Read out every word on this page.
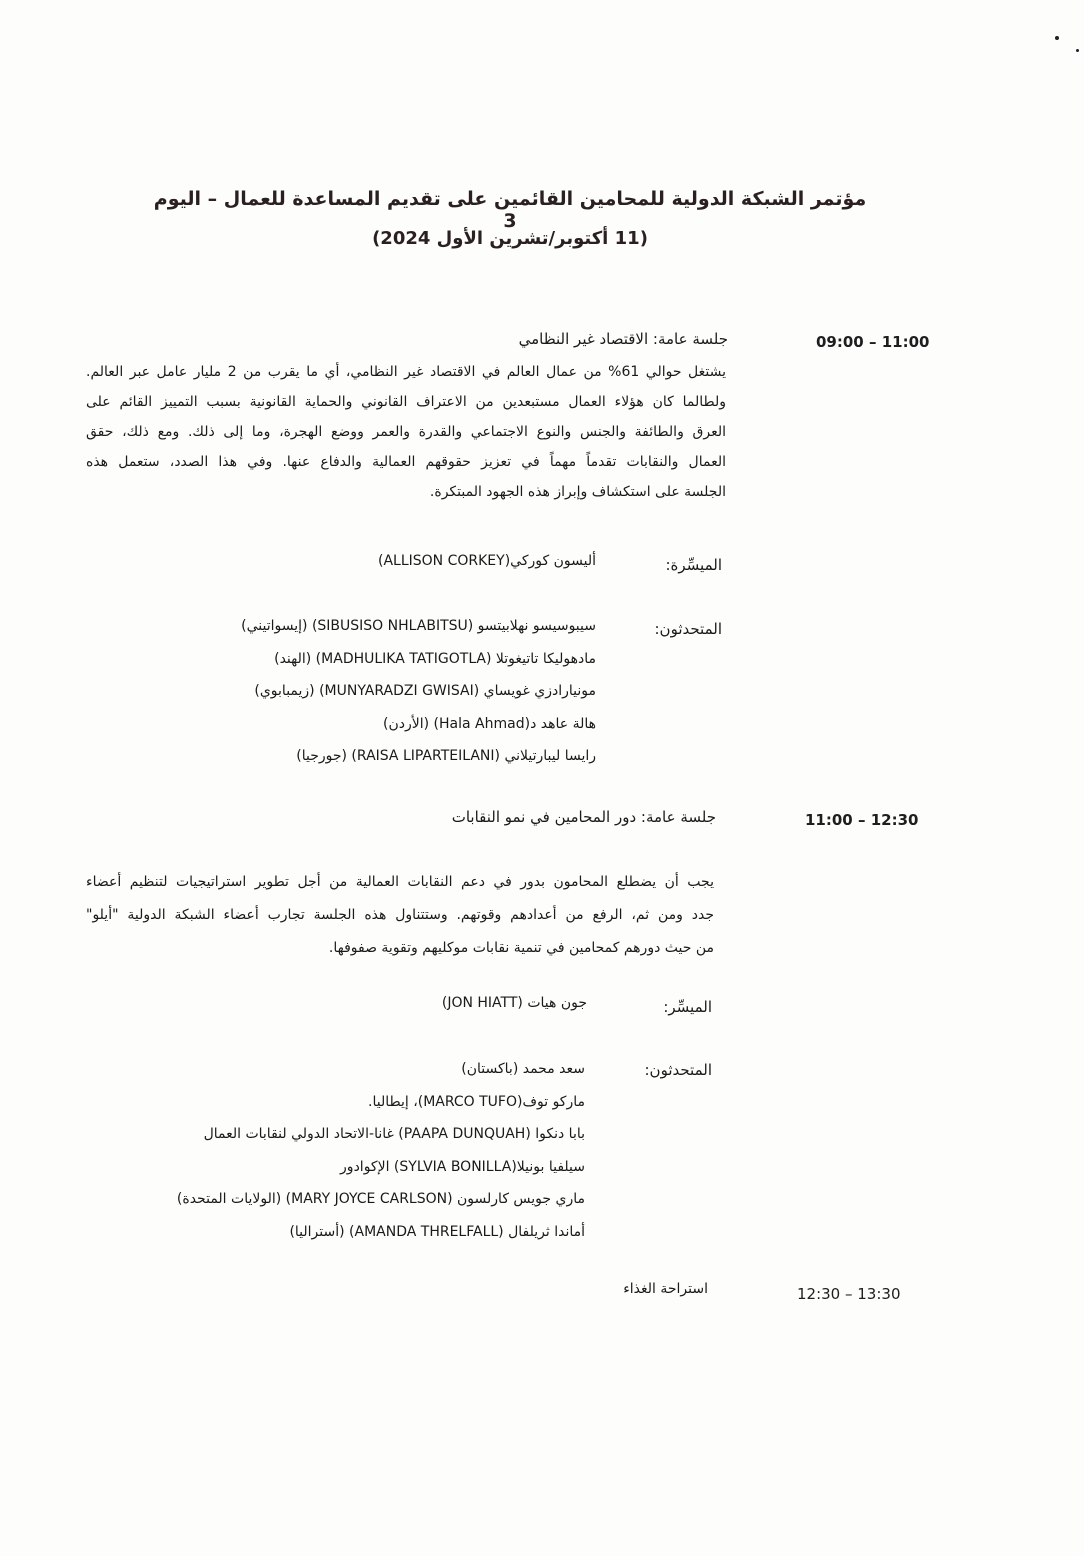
مؤتمر الشبكة الدولية للمحامين القائمين على تقديم المساعدة للعمال – اليوم 3
(11 أكتوبر/تشرين الأول 2024)
09:00 – 11:00
جلسة عامة: الاقتصاد غير النظامي
يشتغل حوالي 61% من عمال العالم في الاقتصاد غير النظامي، أي ما يقرب من 2 مليار عامل عبر العالم.
ولطالما كان هؤلاء العمال مستبعدين من الاعتراف القانوني والحماية القانونية بسبب التمييز القائم على
العرق والطائفة والجنس والنوع الاجتماعي والقدرة والعمر ووضع الهجرة، وما إلى ذلك. ومع ذلك، حقق
العمال والنقابات تقدماً مهماً في تعزيز حقوقهم العمالية والدفاع عنها. وفي هذا الصدد، ستعمل هذه
الجلسة على استكشاف وإبراز هذه الجهود المبتكرة.
الميسِّرة:
أليسون كوركي(ALLISON CORKEY)
المتحدثون:
سيبوسيسو نهلابيتسو (SIBUSISO NHLABITSU) (إيسواتيني)
مادهوليكا تاتيغوتلا (MADHULIKA TATIGOTLA) (الهند)
مونيارادزي غويساي (MUNYARADZI GWISAI) (زيمبابوي)
هالة عاهد د(Hala Ahmad) (الأردن)
رايسا ليبارتيلاني (RAISA LIPARTEILANI) (جورجيا)
11:00 – 12:30
جلسة عامة: دور المحامين في نمو النقابات
يجب أن يضطلع المحامون بدور في دعم النقابات العمالية من أجل تطوير استراتيجيات لتنظيم أعضاء
جدد ومن ثم، الرفع من أعدادهم وقوتهم. وستتناول هذه الجلسة تجارب أعضاء الشبكة الدولية "أيلو"
من حيث دورهم كمحامين في تنمية نقابات موكليهم وتقوية صفوفها.
الميسِّر:
جون هيات (JON HIATT)
المتحدثون:
سعد محمد (باكستان)
ماركو توف(MARCO TUFO)، إيطاليا.
بابا دنكوا (PAAPA DUNQUAH) غانا-الاتحاد الدولي لنقابات العمال
سيلفيا بونيلا(SYLVIA BONILLA) الإكوادور
ماري جويس كارلسون (MARY JOYCE CARLSON) (الولايات المتحدة)
أماندا ثريلفال (AMANDA THRELFALL) (أستراليا)
12:30 – 13:30
استراحة الغذاء
